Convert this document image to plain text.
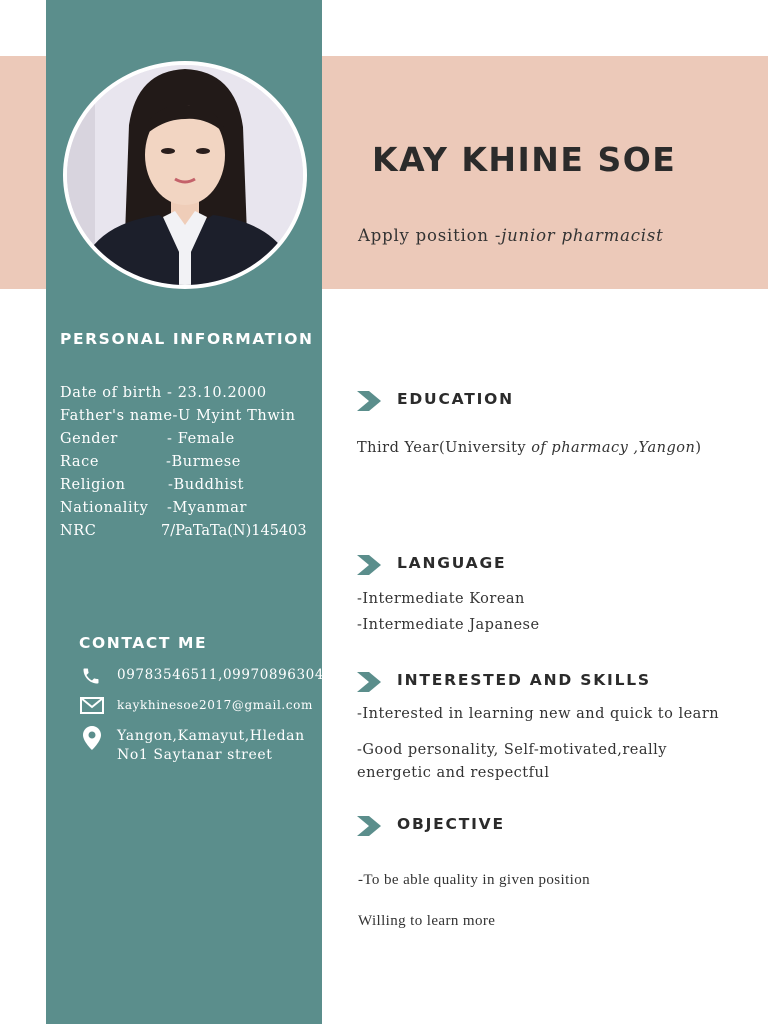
KAY KHINE SOE
Apply position -junior pharmacist
PERSONAL INFORMATION
Date of birth - 23.10.2000
Father's name-U Myint Thwin
Gender	- Female
Race	-Burmese
Religion	-Buddhist
Nationality -Myanmar
NRC	7/PaTaTa(N)145403
CONTACT ME
09783546511,09970896304
kaykhinesoe2017@gmail.com
Yangon,Kamayut,Hledan
No1 Saytanar street
EDUCATION
Third Year(University of pharmacy ,Yangon)
LANGUAGE
-Intermediate Korean
-Intermediate Japanese
INTERESTED AND SKILLS
-Interested in learning new and quick to learn
-Good personality, Self-motivated,really
energetic and respectful
OBJECTIVE
-To be able quality in given position
Willing to learn more
